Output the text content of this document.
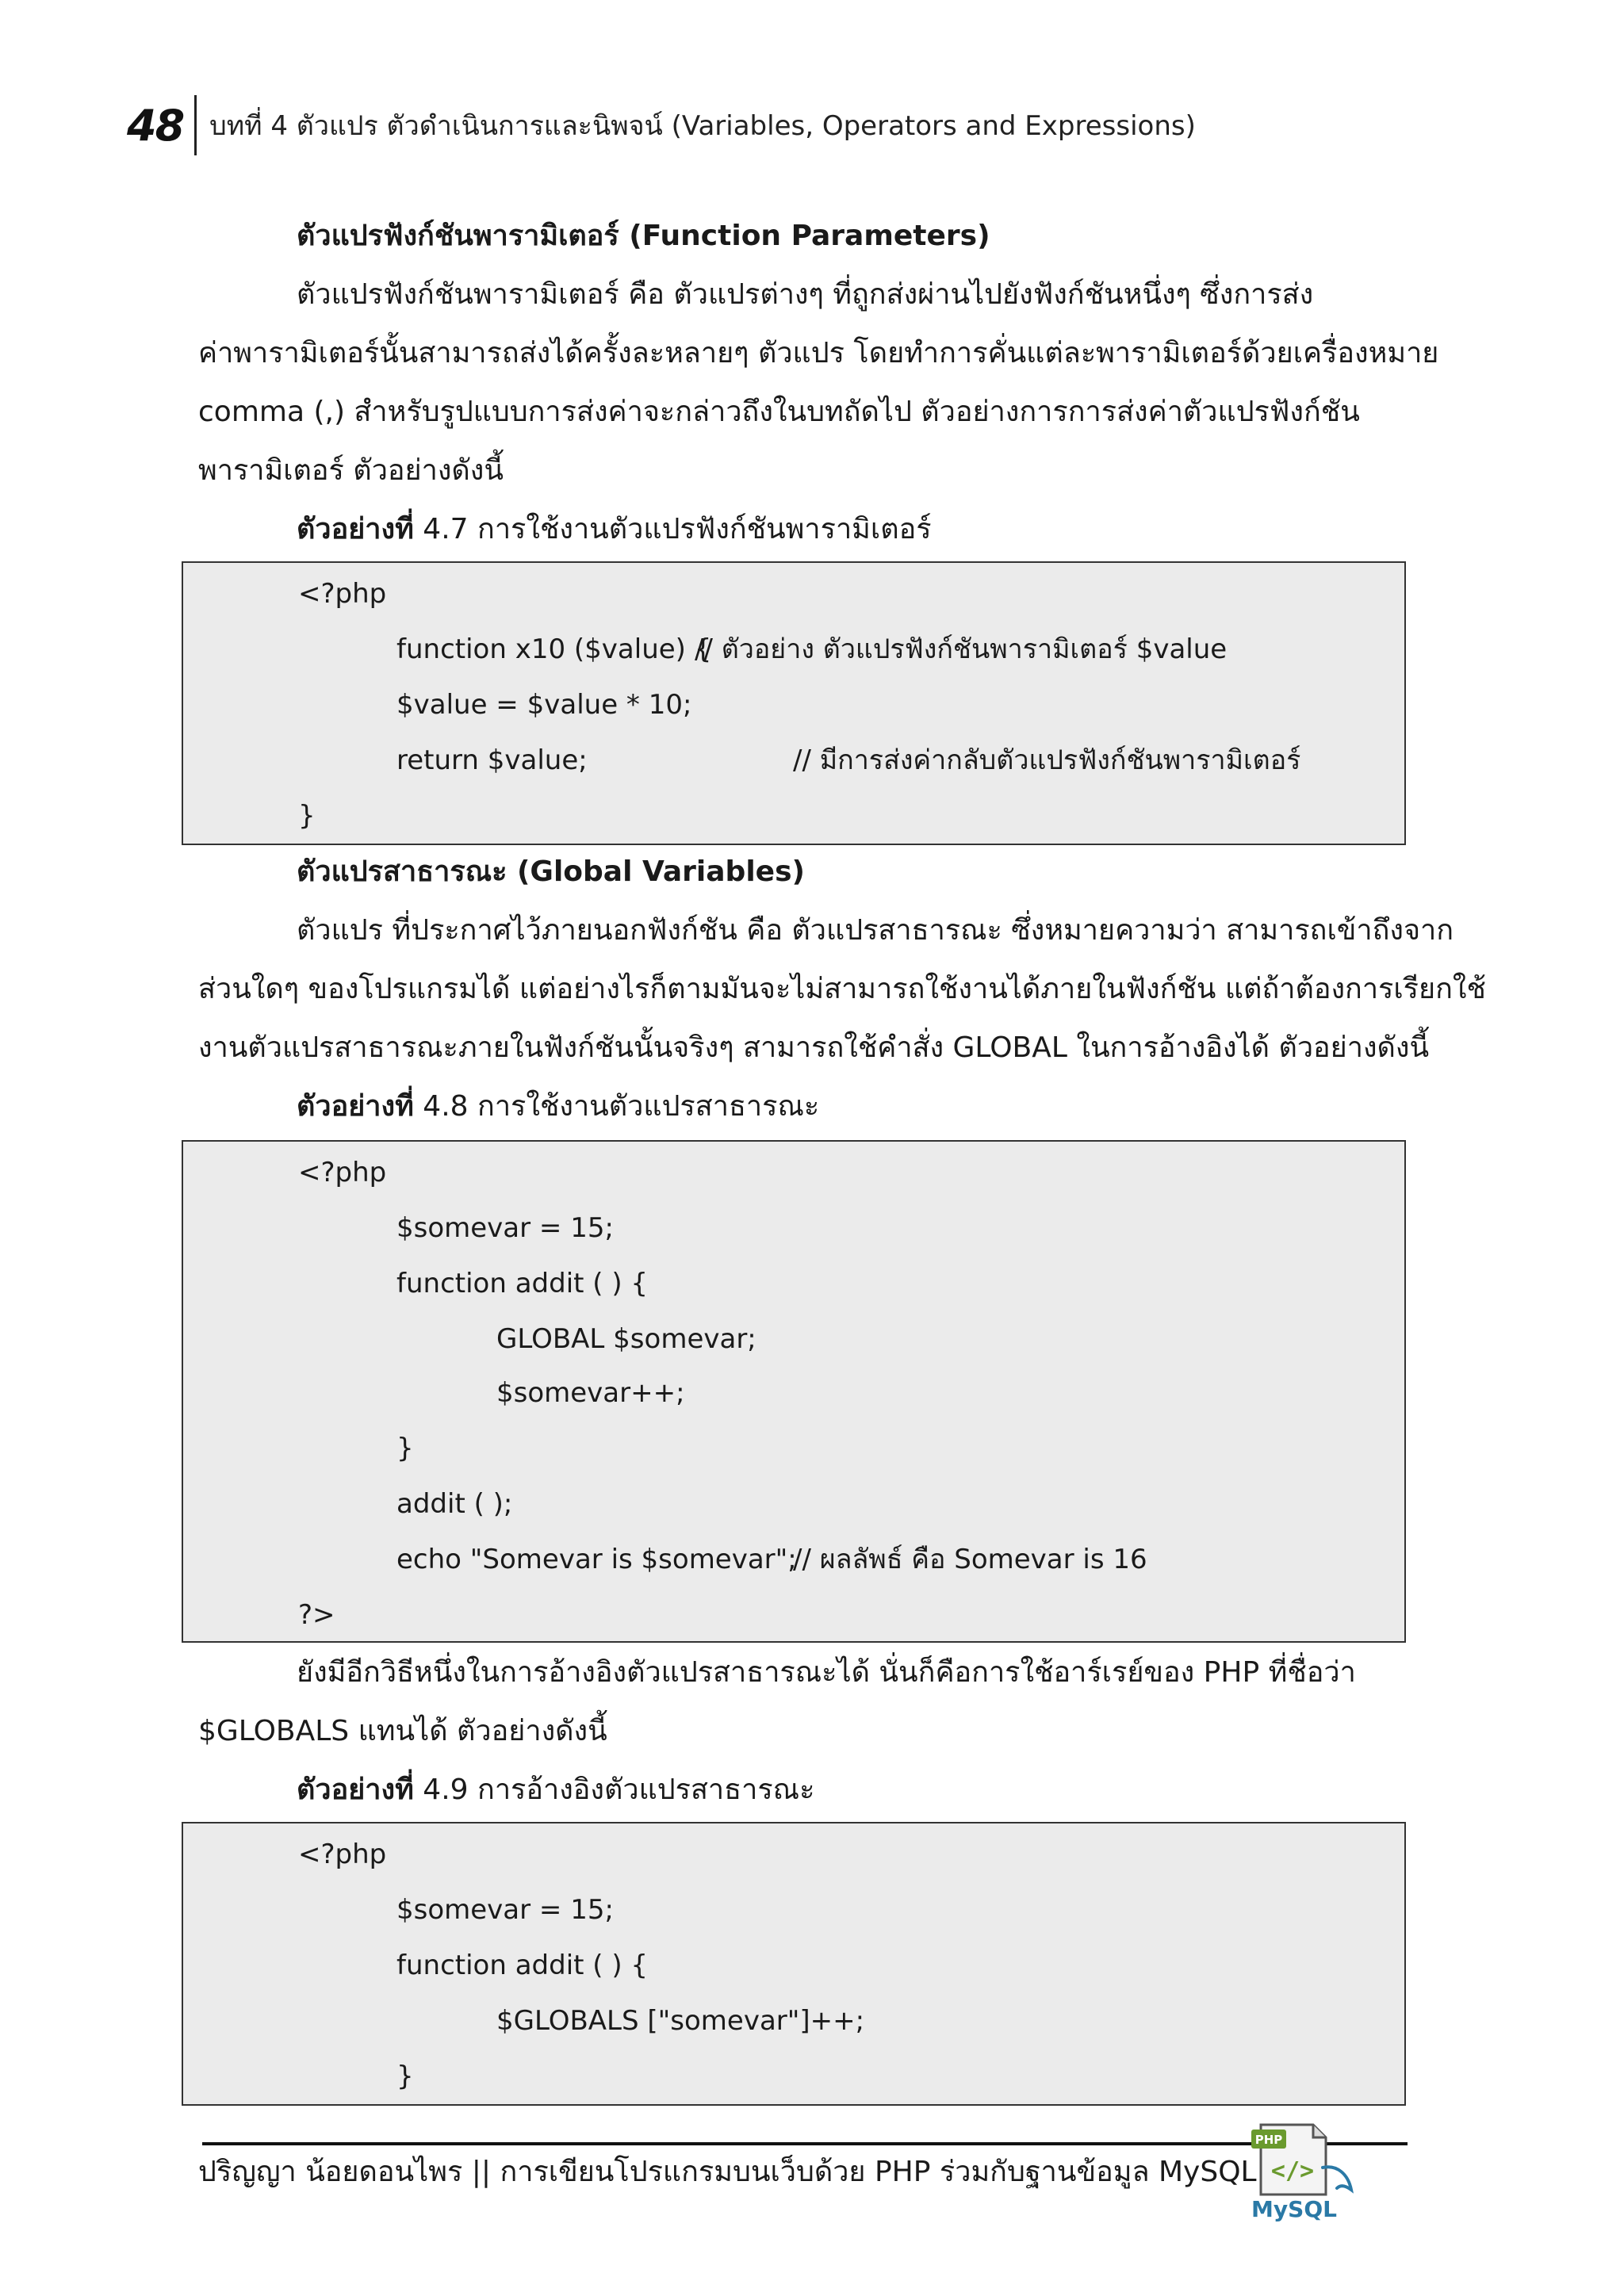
48 บทที่ 4 ตัวแปร ตัวดำเนินการและนิพจน์ (Variables, Operators and Expressions)
ตัวแปรฟังก์ชันพารามิเตอร์ (Function Parameters)
ตัวแปรฟังก์ชันพารามิเตอร์ คือ ตัวแปรต่างๆ ที่ถูกส่งผ่านไปยังฟังก์ชันหนึ่งๆ ซึ่งการส่ง
ค่าพารามิเตอร์นั้นสามารถส่งได้ครั้งละหลายๆ ตัวแปร โดยทำการคั่นแต่ละพารามิเตอร์ด้วยเครื่องหมาย
comma (,) สำหรับรูปแบบการส่งค่าจะกล่าวถึงในบทถัดไป ตัวอย่างการการส่งค่าตัวแปรฟังก์ชัน
พารามิเตอร์ ตัวอย่างดังนี้
ตัวอย่างที่ 4.7 การใช้งานตัวแปรฟังก์ชันพารามิเตอร์
<?php
function x10 ($value) {
// ตัวอย่าง ตัวแปรฟังก์ชันพารามิเตอร์ $value
$value = $value * 10;
return $value;	// มีการส่งค่ากลับตัวแปรฟังก์ชันพารามิเตอร์
}
ตัวแปรสาธารณะ (Global Variables)
ตัวแปร ที่ประกาศไว้ภายนอกฟังก์ชัน คือ ตัวแปรสาธารณะ ซึ่งหมายความว่า สามารถเข้าถึงจาก
ส่วนใดๆ ของโปรแกรมได้ แต่อย่างไรก็ตามมันจะไม่สามารถใช้งานได้ภายในฟังก์ชัน แต่ถ้าต้องการเรียกใช้
งานตัวแปรสาธารณะภายในฟังก์ชันนั้นจริงๆ สามารถใช้คำสั่ง GLOBAL ในการอ้างอิงได้ ตัวอย่างดังนี้
ตัวอย่างที่ 4.8 การใช้งานตัวแปรสาธารณะ
<?php
$somevar = 15;
function addit ( ) {
GLOBAL $somevar;
$somevar++;
}
addit ( );
echo "Somevar is $somevar";
// ผลลัพธ์ คือ Somevar is 16
?>
ยังมีอีกวิธีหนึ่งในการอ้างอิงตัวแปรสาธารณะได้ นั่นก็คือการใช้อาร์เรย์ของ PHP ที่ชื่อว่า
$GLOBALS แทนได้ ตัวอย่างดังนี้
ตัวอย่างที่ 4.9 การอ้างอิงตัวแปรสาธารณะ
<?php
$somevar = 15;
function addit ( ) {
$GLOBALS ["somevar"]++;
}
ปริญญา น้อยดอนไพร || การเขียนโปรแกรมบนเว็บด้วย PHP ร่วมกับฐานข้อมูล MySQL
PHP
</>
MySQL
